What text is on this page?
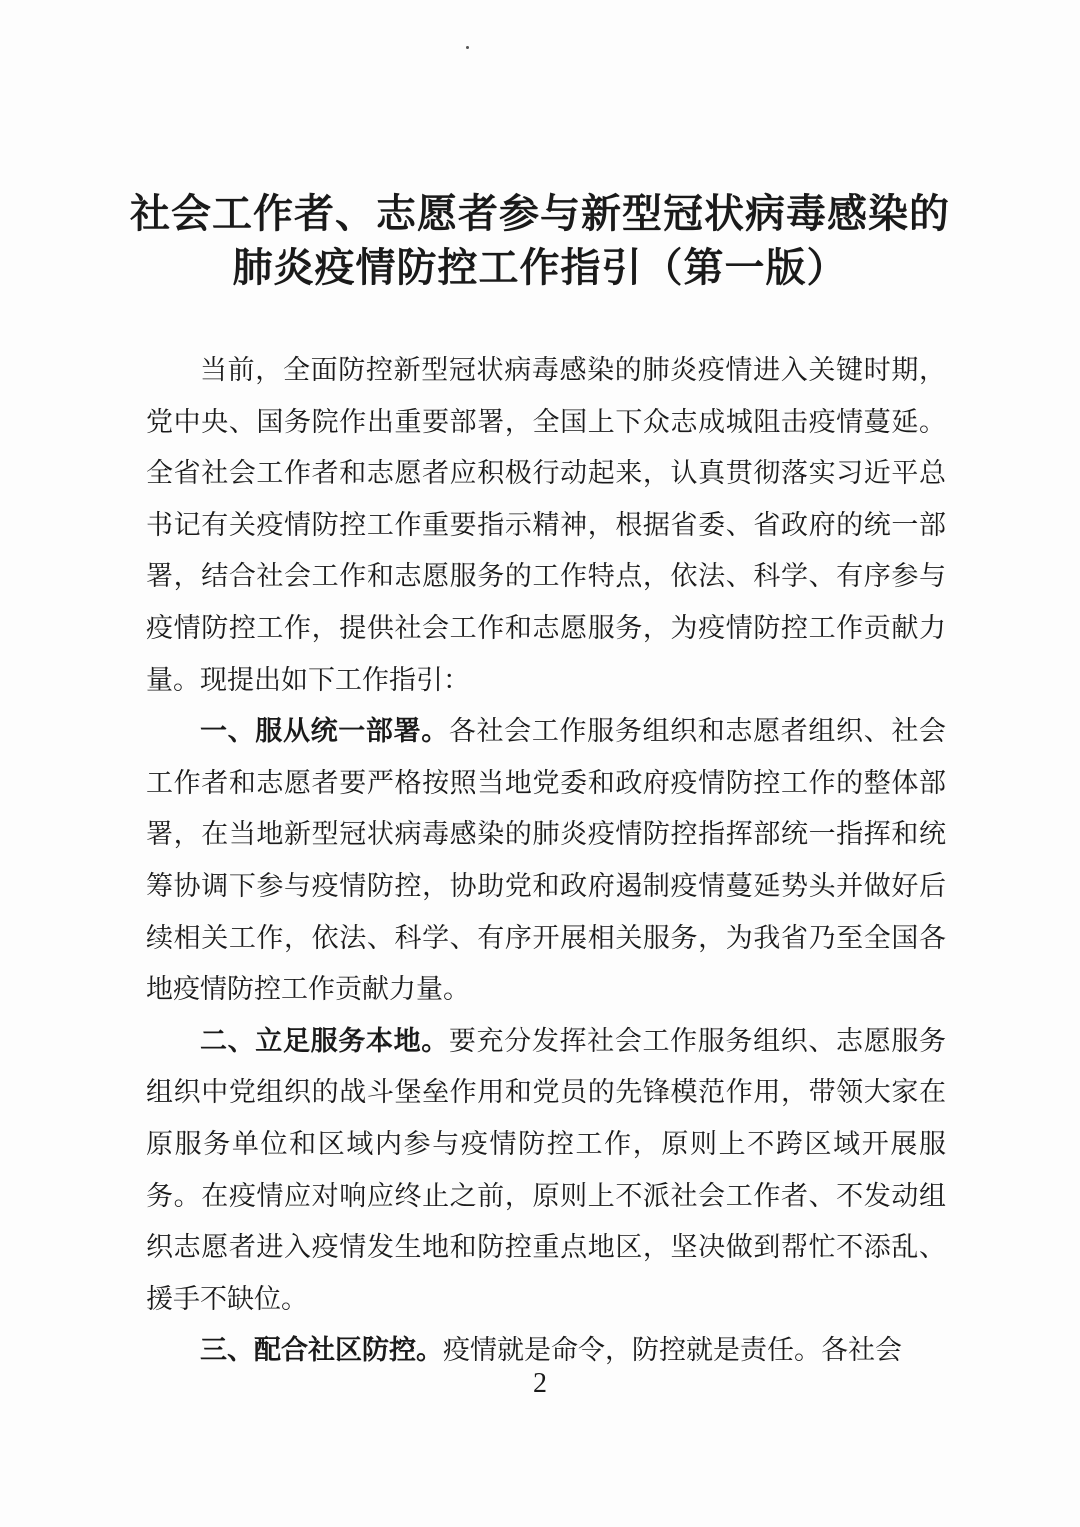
社会工作者、志愿者参与新型冠状病毒感染的
肺炎疫情防控工作指引（第一版）

当前，全面防控新型冠状病毒感染的肺炎疫情进入关键时期，党中央、国务院作出重要部署，全国上下众志成城阻击疫情蔓延。全省社会工作者和志愿者应积极行动起来，认真贯彻落实习近平总书记有关疫情防控工作重要指示精神，根据省委、省政府的统一部署，结合社会工作和志愿服务的工作特点，依法、科学、有序参与疫情防控工作，提供社会工作和志愿服务，为疫情防控工作贡献力量。现提出如下工作指引：

一、服从统一部署。各社会工作服务组织和志愿者组织、社会工作者和志愿者要严格按照当地党委和政府疫情防控工作的整体部署，在当地新型冠状病毒感染的肺炎疫情防控指挥部统一指挥和统筹协调下参与疫情防控，协助党和政府遏制疫情蔓延势头并做好后续相关工作，依法、科学、有序开展相关服务，为我省乃至全国各地疫情防控工作贡献力量。

二、立足服务本地。要充分发挥社会工作服务组织、志愿服务组织中党组织的战斗堡垒作用和党员的先锋模范作用，带领大家在原服务单位和区域内参与疫情防控工作，原则上不跨区域开展服务。在疫情应对响应终止之前，原则上不派社会工作者、不发动组织志愿者进入疫情发生地和防控重点地区，坚决做到帮忙不添乱、援手不缺位。

三、配合社区防控。疫情就是命令，防控就是责任。各社会

2
